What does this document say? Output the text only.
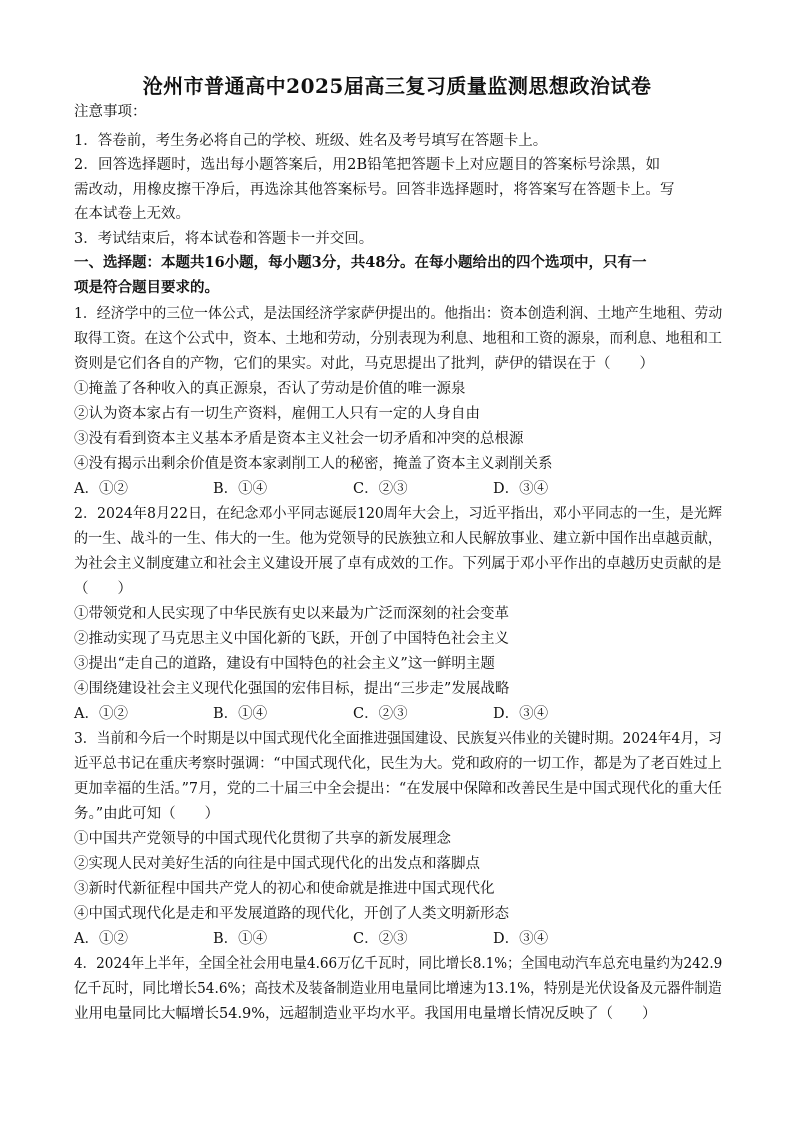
沧州市普通高中2025届高三复习质量监测思想政治试卷
注意事项：
1．答卷前，考生务必将自己的学校、班级、姓名及考号填写在答题卡上。
2．回答选择题时，选出每小题答案后，用2B铅笔把答题卡上对应题目的答案标号涂黑，如
需改动，用橡皮擦干净后，再选涂其他答案标号。回答非选择题时，将答案写在答题卡上。写
在本试卷上无效。
3．考试结束后，将本试卷和答题卡一并交回。
一、选择题：本题共16小题，每小题3分，共48分。在每小题给出的四个选项中，只有一
项是符合题目要求的。
1．经济学中的三位一体公式，是法国经济学家萨伊提出的。他指出：资本创造利润、土地产生地租、劳动
取得工资。在这个公式中，资本、土地和劳动，分别表现为利息、地租和工资的源泉，而利息、地租和工
资则是它们各自的产物，它们的果实。对此，马克思提出了批判，萨伊的错误在于（　　）
①掩盖了各种收入的真正源泉，否认了劳动是价值的唯一源泉
②认为资本家占有一切生产资料，雇佣工人只有一定的人身自由
③没有看到资本主义基本矛盾是资本主义社会一切矛盾和冲突的总根源
④没有揭示出剩余价值是资本家剥削工人的秘密，掩盖了资本主义剥削关系
A．①②	B．①④	C．②③	D．③④
2．2024年8月22日，在纪念邓小平同志诞辰120周年大会上，习近平指出，邓小平同志的一生，是光辉
的一生、战斗的一生、伟大的一生。他为党领导的民族独立和人民解放事业、建立新中国作出卓越贡献，
为社会主义制度建立和社会主义建设开展了卓有成效的工作。下列属于邓小平作出的卓越历史贡献的是
（　　）
①带领党和人民实现了中华民族有史以来最为广泛而深刻的社会变革
②推动实现了马克思主义中国化新的飞跃，开创了中国特色社会主义
③提出“走自己的道路，建设有中国特色的社会主义”这一鲜明主题
④围绕建设社会主义现代化强国的宏伟目标，提出“三步走”发展战略
A．①②	B．①④	C．②③	D．③④
3．当前和今后一个时期是以中国式现代化全面推进强国建设、民族复兴伟业的关键时期。2024年4月，习
近平总书记在重庆考察时强调：“中国式现代化，民生为大。党和政府的一切工作，都是为了老百姓过上
更加幸福的生活。”7月，党的二十届三中全会提出：“在发展中保障和改善民生是中国式现代化的重大任
务。”由此可知（　　）
①中国共产党领导的中国式现代化贯彻了共享的新发展理念
②实现人民对美好生活的向往是中国式现代化的出发点和落脚点
③新时代新征程中国共产党人的初心和使命就是推进中国式现代化
④中国式现代化是走和平发展道路的现代化，开创了人类文明新形态
A．①②	B．①④	C．②③	D．③④
4．2024年上半年，全国全社会用电量4.66万亿千瓦时，同比增长8.1%；全国电动汽车总充电量约为242.9
亿千瓦时，同比增长54.6%；高技术及装备制造业用电量同比增速为13.1%，特别是光伏设备及元器件制造
业用电量同比大幅增长54.9%，远超制造业平均水平。我国用电量增长情况反映了（　　）
